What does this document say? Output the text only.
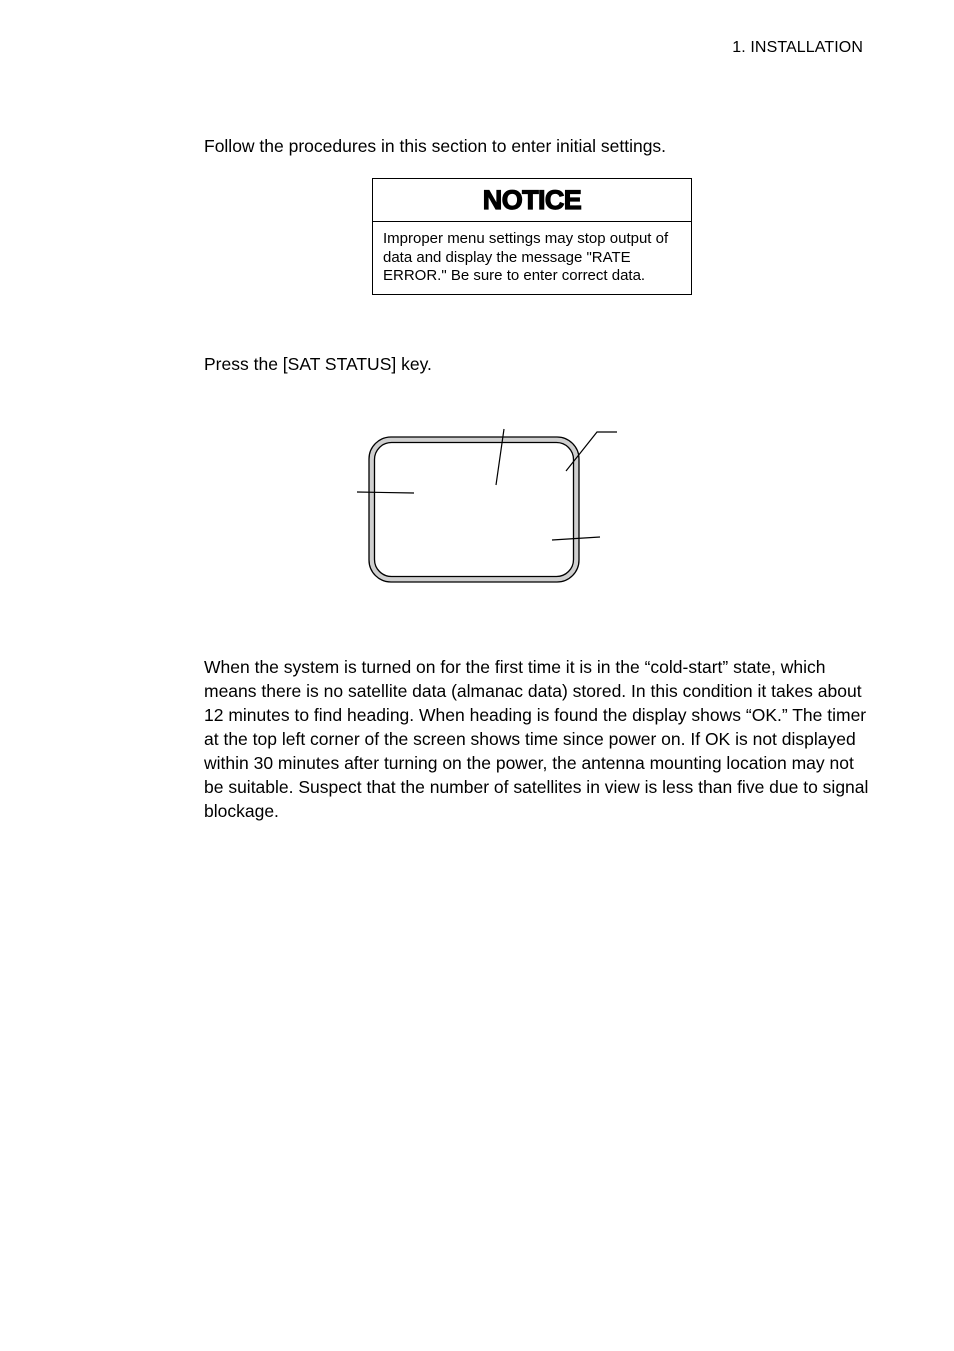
1. INSTALLATION

Follow the procedures in this section to enter initial settings.

NOTICE
Improper menu settings may stop output of data and display the message "RATE ERROR." Be sure to enter correct data.

Press the [SAT STATUS] key.

When the system is turned on for the first time it is in the “cold-start” state, which means there is no satellite data (almanac data) stored. In this condition it takes about 12 minutes to find heading. When heading is found the display shows “OK.” The timer at the top left corner of the screen shows time since power on. If OK is not displayed within 30 minutes after turning on the power, the antenna mounting location may not be suitable. Suspect that the number of satellites in view is less than five due to signal blockage.
